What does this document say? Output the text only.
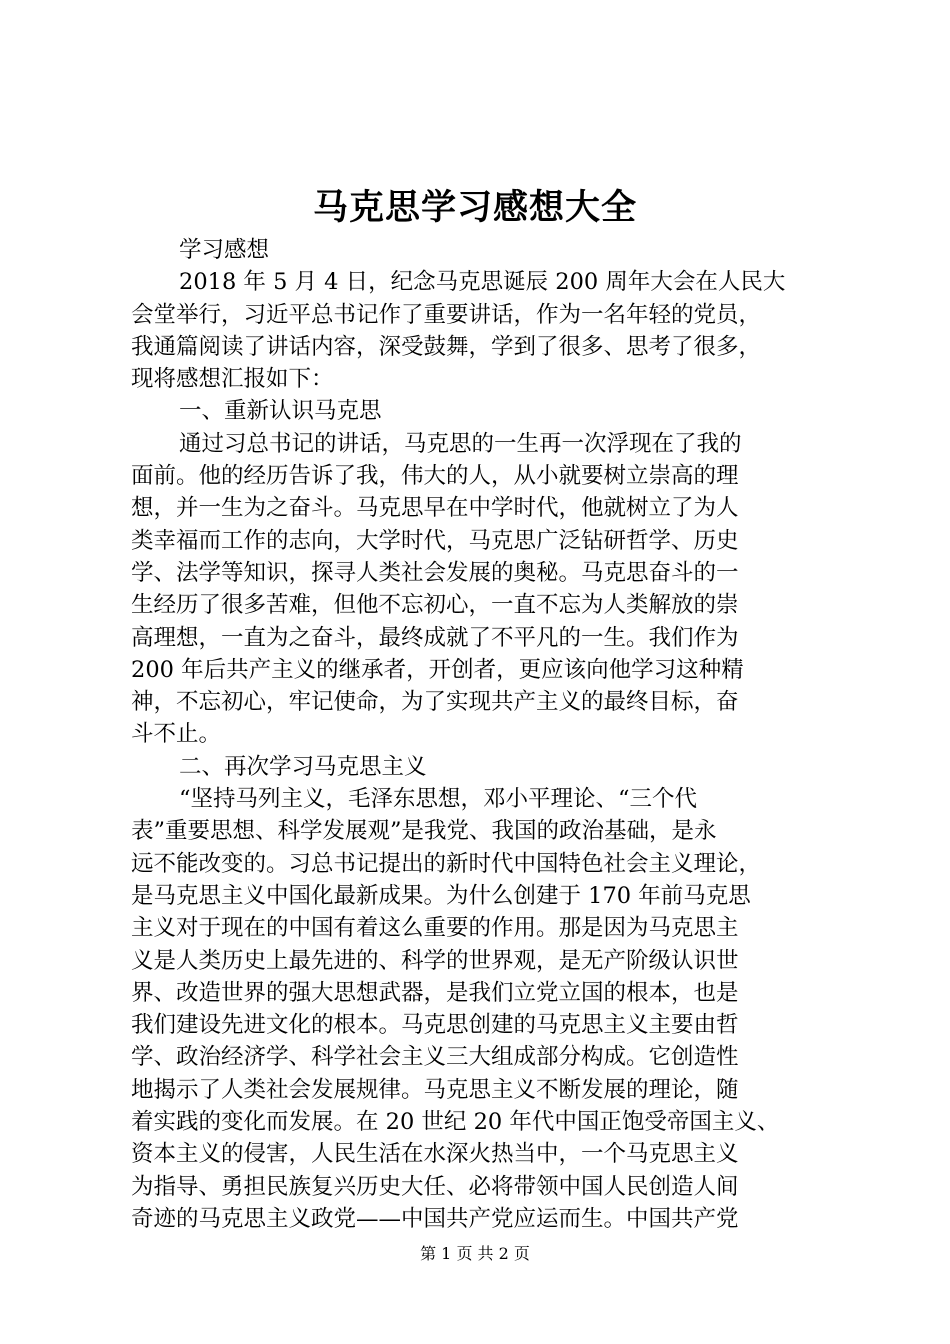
马克思学习感想大全
学习感想
2018 年 5 月 4 日，纪念马克思诞辰 200 周年大会在人民大
会堂举行，习近平总书记作了重要讲话，作为一名年轻的党员，
我通篇阅读了讲话内容，深受鼓舞，学到了很多、思考了很多，
现将感想汇报如下：
一、重新认识马克思
通过习总书记的讲话，马克思的一生再一次浮现在了我的
面前。他的经历告诉了我，伟大的人，从小就要树立崇高的理
想，并一生为之奋斗。马克思早在中学时代，他就树立了为人
类幸福而工作的志向，大学时代，马克思广泛钻研哲学、历史
学、法学等知识，探寻人类社会发展的奥秘。马克思奋斗的一
生经历了很多苦难，但他不忘初心，一直不忘为人类解放的崇
高理想，一直为之奋斗，最终成就了不平凡的一生。我们作为
200 年后共产主义的继承者，开创者，更应该向他学习这种精
神，不忘初心，牢记使命，为了实现共产主义的最终目标，奋
斗不止。
二、再次学习马克思主义
“坚持马列主义，毛泽东思想，邓小平理论、“三个代
表”重要思想、科学发展观”是我党、我国的政治基础，是永
远不能改变的。习总书记提出的新时代中国特色社会主义理论，
是马克思主义中国化最新成果。为什么创建于 170 年前马克思
主义对于现在的中国有着这么重要的作用。那是因为马克思主
义是人类历史上最先进的、科学的世界观，是无产阶级认识世
界、改造世界的强大思想武器，是我们立党立国的根本，也是
我们建设先进文化的根本。马克思创建的马克思主义主要由哲
学、政治经济学、科学社会主义三大组成部分构成。它创造性
地揭示了人类社会发展规律。马克思主义不断发展的理论，随
着实践的变化而发展。在 20 世纪 20 年代中国正饱受帝国主义、
资本主义的侵害，人民生活在水深火热当中，一个马克思主义
为指导、勇担民族复兴历史大任、必将带领中国人民创造人间
奇迹的马克思主义政党——中国共产党应运而生。中国共产党
第 1 页 共 2 页
